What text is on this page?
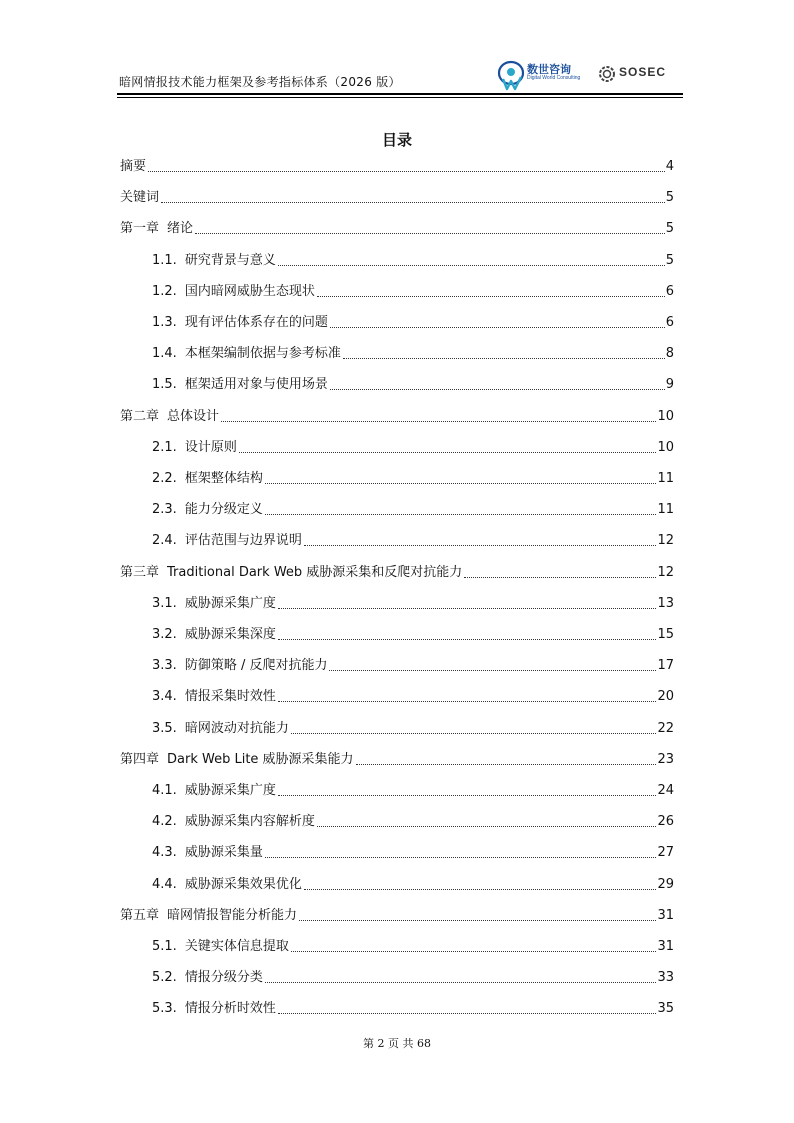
暗网情报技术能力框架及参考指标体系（2026 版）
数世咨询
Digital World Consulting	SOSEC
目录
摘要	4
关键词	5
第一章 绪论	5
1.1. 研究背景与意义	5
1.2. 国内暗网威胁生态现状	6
1.3. 现有评估体系存在的问题	6
1.4. 本框架编制依据与参考标准	8
1.5. 框架适用对象与使用场景	9
第二章 总体设计	10
2.1. 设计原则	10
2.2. 框架整体结构	11
2.3. 能力分级定义	11
2.4. 评估范围与边界说明	12
第三章 Traditional Dark Web 威胁源采集和反爬对抗能力	12
3.1. 威胁源采集广度	13
3.2. 威胁源采集深度	15
3.3. 防御策略 / 反爬对抗能力	17
3.4. 情报采集时效性	20
3.5. 暗网波动对抗能力	22
第四章 Dark Web Lite 威胁源采集能力	23
4.1. 威胁源采集广度	24
4.2. 威胁源采集内容解析度	26
4.3. 威胁源采集量	27
4.4. 威胁源采集效果优化	29
第五章 暗网情报智能分析能力	31
5.1. 关键实体信息提取	31
5.2. 情报分级分类	33
5.3. 情报分析时效性	35
第 2 页 共 68
